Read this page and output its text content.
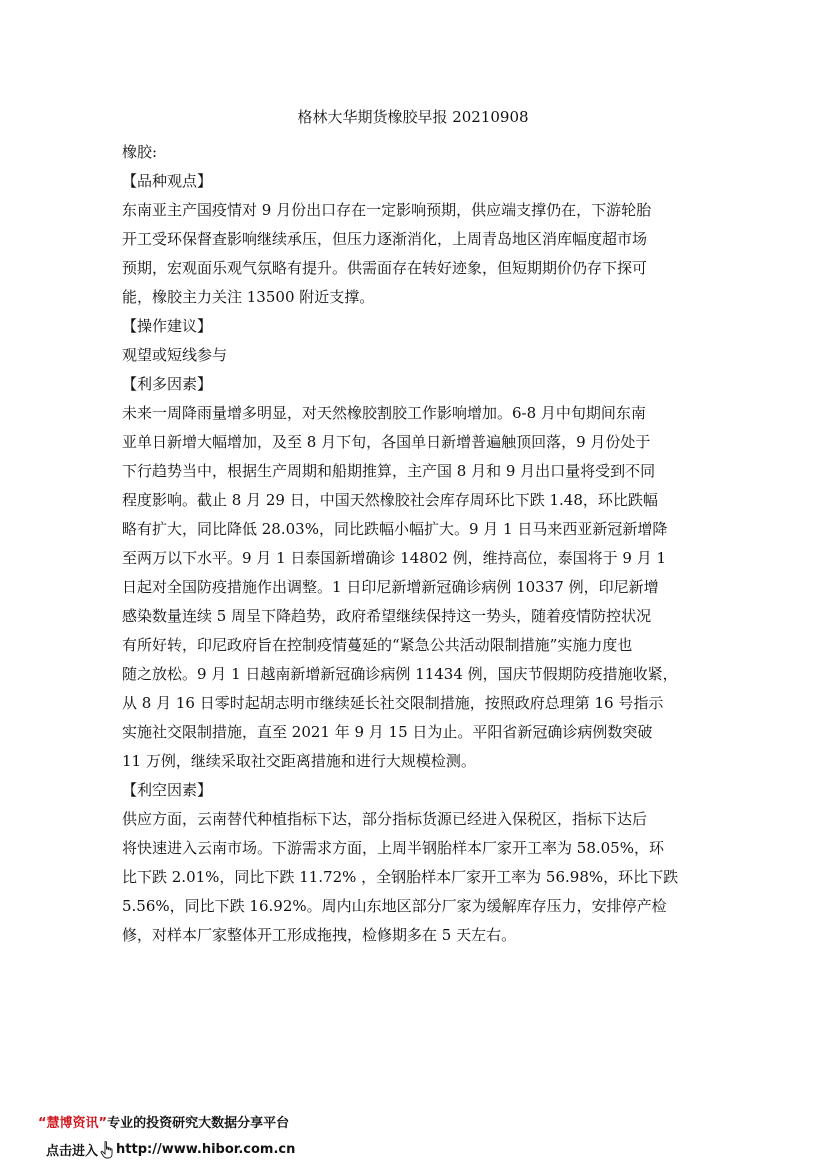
格林大华期货橡胶早报 20210908
橡胶:
【品种观点】
东南亚主产国疫情对 9 月份出口存在一定影响预期，供应端支撑仍在，下游轮胎
开工受环保督查影响继续承压，但压力逐渐消化，上周青岛地区消库幅度超市场
预期，宏观面乐观气氛略有提升。供需面存在转好迹象，但短期期价仍存下探可
能，橡胶主力关注 13500 附近支撑。
【操作建议】
观望或短线参与
【利多因素】
未来一周降雨量增多明显，对天然橡胶割胶工作影响增加。6-8 月中旬期间东南
亚单日新增大幅增加，及至 8 月下旬，各国单日新增普遍触顶回落，9 月份处于
下行趋势当中，根据生产周期和船期推算，主产国 8 月和 9 月出口量将受到不同
程度影响。截止 8 月 29 日，中国天然橡胶社会库存周环比下跌 1.48，环比跌幅
略有扩大，同比降低 28.03%，同比跌幅小幅扩大。9 月 1 日马来西亚新冠新增降
至两万以下水平。9 月 1 日泰国新增确诊 14802 例，维持高位，泰国将于 9 月 1
日起对全国防疫措施作出调整。1 日印尼新增新冠确诊病例 10337 例，印尼新增
感染数量连续 5 周呈下降趋势，政府希望继续保持这一势头，随着疫情防控状况
有所好转，印尼政府旨在控制疫情蔓延的“紧急公共活动限制措施”实施力度也
随之放松。9 月 1 日越南新增新冠确诊病例 11434 例，国庆节假期防疫措施收紧，
从 8 月 16 日零时起胡志明市继续延长社交限制措施，按照政府总理第 16 号指示
实施社交限制措施，直至 2021 年 9 月 15 日为止。平阳省新冠确诊病例数突破
11 万例，继续采取社交距离措施和进行大规模检测。
【利空因素】
供应方面，云南替代种植指标下达，部分指标货源已经进入保税区，指标下达后
将快速进入云南市场。下游需求方面，上周半钢胎样本厂家开工率为 58.05%，环
比下跌 2.01%，同比下跌 11.72% ，全钢胎样本厂家开工率为 56.98%，环比下跌
5.56%，同比下跌 16.92%。周内山东地区部分厂家为缓解库存压力，安排停产检
修，对样本厂家整体开工形成拖拽，检修期多在 5 天左右。
“慧博资讯”专业的投资研究大数据分享平台
点击进入 http://www.hibor.com.cn
